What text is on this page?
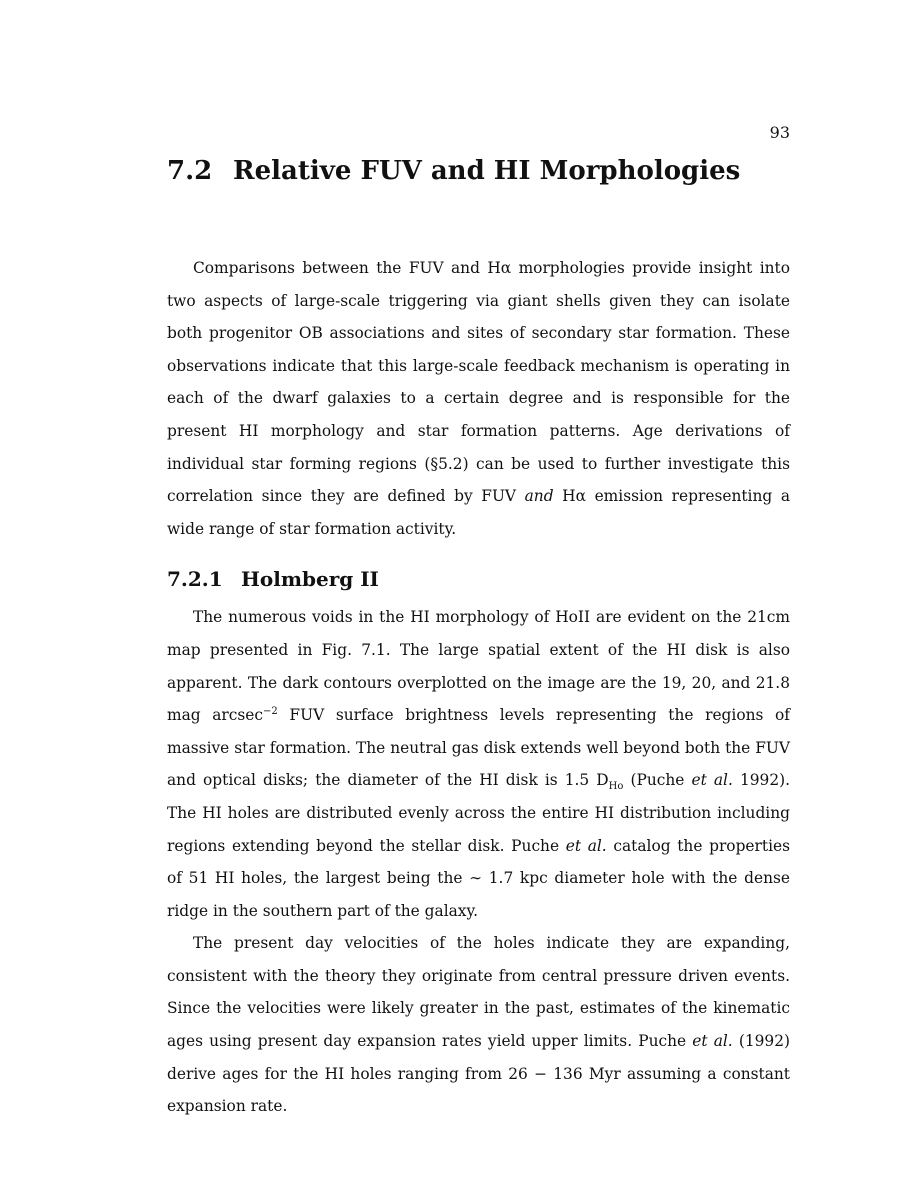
93
7.2 Relative FUV and HI Morphologies

Comparisons between the FUV and Hα morphologies provide insight into two aspects of large-scale triggering via giant shells given they can isolate both progenitor OB associations and sites of secondary star formation. These observations indicate that this large-scale feedback mechanism is operating in each of the dwarf galaxies to a certain degree and is responsible for the present HI morphology and star formation patterns. Age derivations of individual star forming regions (§5.2) can be used to further investigate this correlation since they are defined by FUV and Hα emission representing a wide range of star formation activity.

7.2.1 Holmberg II

The numerous voids in the HI morphology of HoII are evident on the 21cm map presented in Fig. 7.1. The large spatial extent of the HI disk is also apparent. The dark contours overplotted on the image are the 19, 20, and 21.8 mag arcsec$^{-2}$ FUV surface brightness levels representing the regions of massive star formation. The neutral gas disk extends well beyond both the FUV and optical disks; the diameter of the HI disk is 1.5 $D_{Ho}$ (Puche et al. 1992). The HI holes are distributed evenly across the entire HI distribution including regions extending beyond the stellar disk. Puche et al. catalog the properties of 51 HI holes, the largest being the ∼ 1.7 kpc diameter hole with the dense ridge in the southern part of the galaxy.

The present day velocities of the holes indicate they are expanding, consistent with the theory they originate from central pressure driven events. Since the velocities were likely greater in the past, estimates of the kinematic ages using present day expansion rates yield upper limits. Puche et al. (1992) derive ages for the HI holes ranging from 26 − 136 Myr assuming a constant expansion rate.
